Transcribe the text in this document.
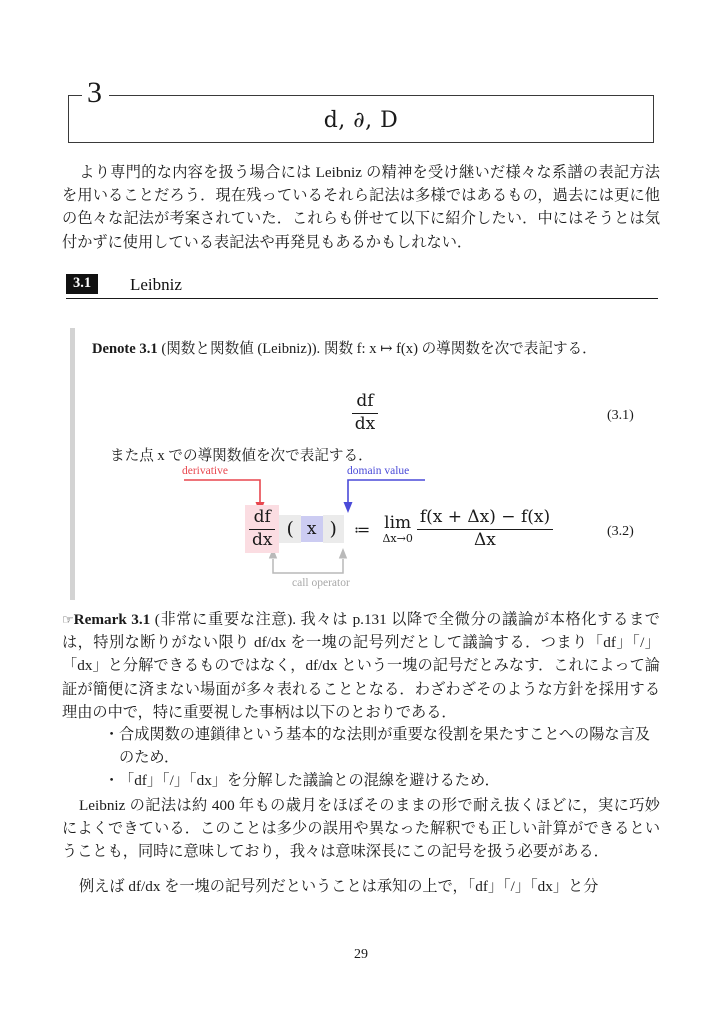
3
d, ∂, D
より専門的な内容を扱う場合には Leibniz の精神を受け継いだ様々な系譜の表記方法を用いることだろう．現在残っているそれら記法は多様ではあるもの，過去には更に他の色々な記法が考案されていた．これらも併せて以下に紹介したい．中にはそうとは気付かずに使用している表記法や再発見もあるかもしれない．
3.1	Leibniz
Denote 3.1 (関数と関数値 (Leibniz)). 関数 f: x ↦ f(x) の導関数を次で表記する．
$\frac{df}{dx}$	(3.1)
また点 x での導関数値を次で表記する．
derivative	domain value
call operator
$\frac{df}{dx}$ ( x )	≔ lim
$\Delta x\to 0 \frac{f(x + \Delta x) - f(x)}{\Delta x}$	(3.2)
☞Remark 3.1 (非常に重要な注意). 我々は p.131 以降で全微分の議論が本格化するまでは，特別な断りがない限り df/dx を一塊の記号列だとして議論する．つまり「df」「/」「dx」と分解できるものではなく，df/dx という一塊の記号だとみなす．これによって論証が簡便に済まない場面が多々表れることとなる．わざわざそのような方針を採用する理由の中で，特に重要視した事柄は以下のとおりである．
・ 合成関数の連鎖律という基本的な法則が重要な役割を果たすことへの陽な言及のため．
・ 「df」「/」「dx」を分解した議論との混線を避けるため．
Leibniz の記法は約 400 年もの歳月をほぼそのままの形で耐え抜くほどに，実に巧妙によくできている．このことは多少の誤用や異なった解釈でも正しい計算ができるということも，同時に意味しており，我々は意味深長にこの記号を扱う必要がある．
例えば df/dx を一塊の記号列だということは承知の上で，「df」「/」「dx」と分
29
